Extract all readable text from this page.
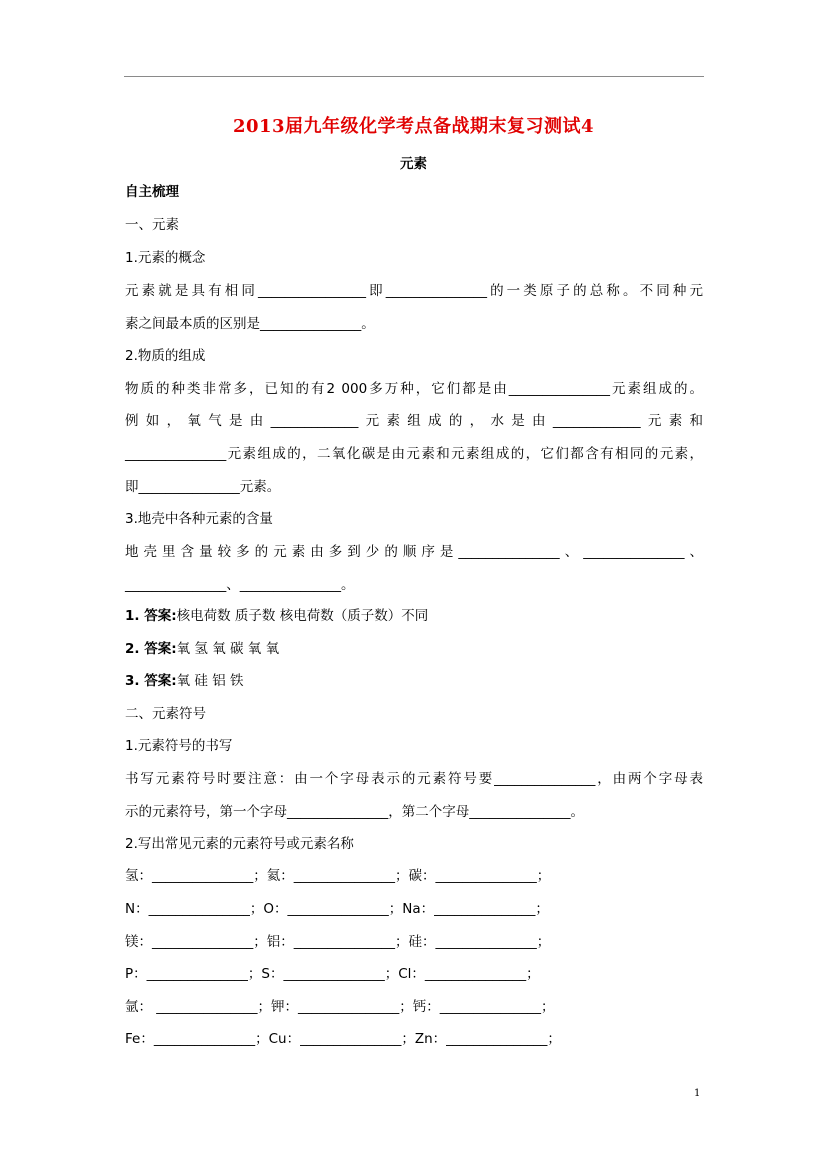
2013届九年级化学考点备战期末复习测试4
元素
自主梳理
一、元素
1.元素的概念
元素就是具有相同________________即_______________的一类原子的总称。不同种元
素之间最本质的区别是_______________。
2.物质的组成
物质的种类非常多，已知的有2 000多万种，它们都是由_______________元素组成的。
例如，氧气是由_____________元素组成的，水是由_____________元素和
_______________元素组成的，二氧化碳是由元素和元素组成的，它们都含有相同的元素，
即_______________元素。
3.地壳中各种元素的含量
地壳里含量较多的元素由多到少的顺序是_______________、_______________、
_______________、_______________。
1. 答案:核电荷数 质子数 核电荷数（质子数）不同
2. 答案:氧 氢 氧 碳 氧 氧
3. 答案:氧 硅 铝 铁
二、元素符号
1.元素符号的书写
书写元素符号时要注意：由一个字母表示的元素符号要_______________，由两个字母表
示的元素符号，第一个字母_______________，第二个字母_______________。
2.写出常见元素的元素符号或元素名称
氢：_______________；氦：_______________；碳：_______________；
N：_______________；O：_______________；Na：_______________；
镁：_______________；铝：_______________；硅：_______________；
P：_______________；S：_______________；Cl：_______________；
氩： _______________；钾：_______________；钙：_______________；
Fe：_______________；Cu：_______________；Zn：_______________；
1
